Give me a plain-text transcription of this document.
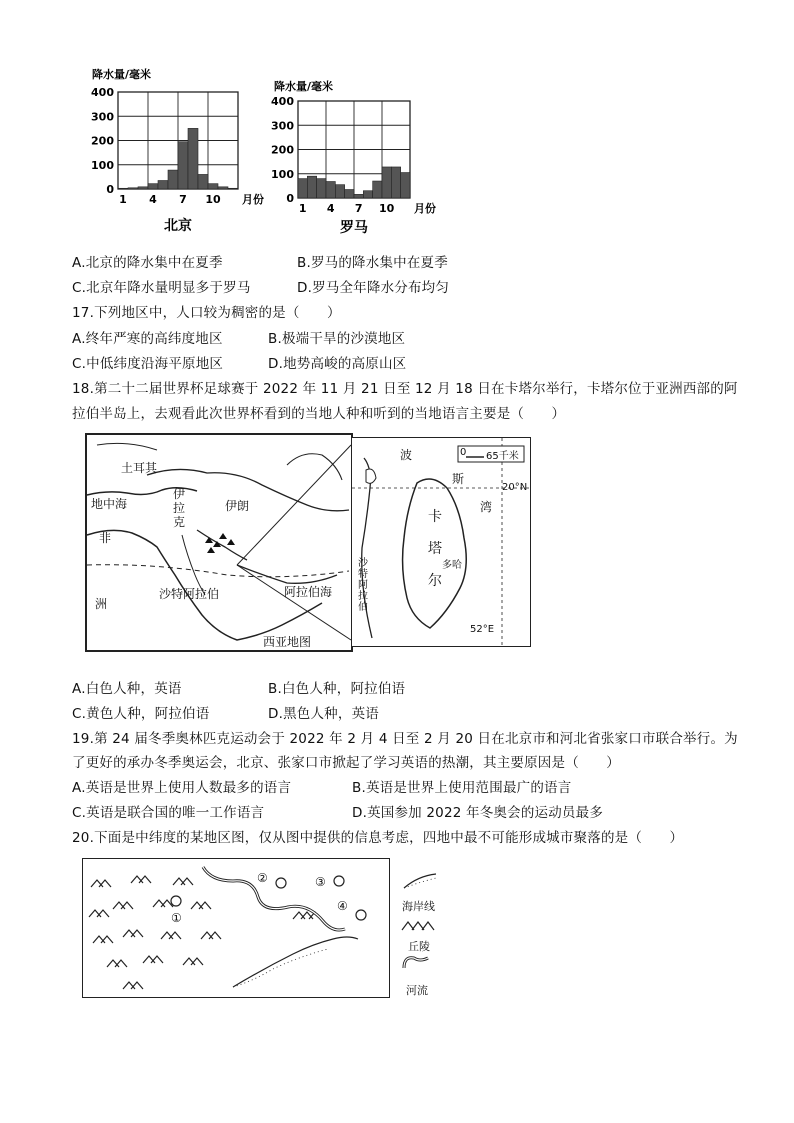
降水量/毫米
0
100
200
300
400
1 4 7 10 月份
北京
降水量/毫米
0
100
200
300
400
1 4 7 10 月份
罗马
A.北京的降水集中在夏季	B.罗马的降水集中在夏季
C.北京年降水量明显多于罗马	D.罗马全年降水分布均匀
17.下列地区中，人口较为稠密的是（　　）
A.终年严寒的高纬度地区	B.极端干旱的沙漠地区
C.中低纬度沿海平原地区	D.地势高峻的高原山区
18.第二十二届世界杯足球赛于 2022 年 11 月 21 日至 12 月 18 日在卡塔尔举行，卡塔尔位于亚洲西部的阿
拉伯半岛上，去观看此次世界杯看到的当地人种和听到的当地语言主要是（　　）
土耳其
地中海
伊拉克
伊朗
非
洲
沙特阿拉伯	阿拉伯海
西亚地图
波
斯
湾
0 65千米
20°N
卡
塔
尔
多哈
沙特阿拉伯
52°E
A.白色人种，英语	B.白色人种，阿拉伯语
C.黄色人种，阿拉伯语	D.黑色人种，英语
19.第 24 届冬季奥林匹克运动会于 2022 年 2 月 4 日至 2 月 20 日在北京市和河北省张家口市联合举行。为
了更好的承办冬季奥运会，北京、张家口市掀起了学习英语的热潮，其主要原因是（　　）
A.英语是世界上使用人数最多的语言	B.英语是世界上使用范围最广的语言
C.英语是联合国的唯一工作语言	D.英国参加 2022 年冬奥会的运动员最多
20.下面是中纬度的某地区图，仅从图中提供的信息考虑，四地中最不可能形成城市聚落的是（　　）
①
②	③
④	海岸线
丘陵
河流
